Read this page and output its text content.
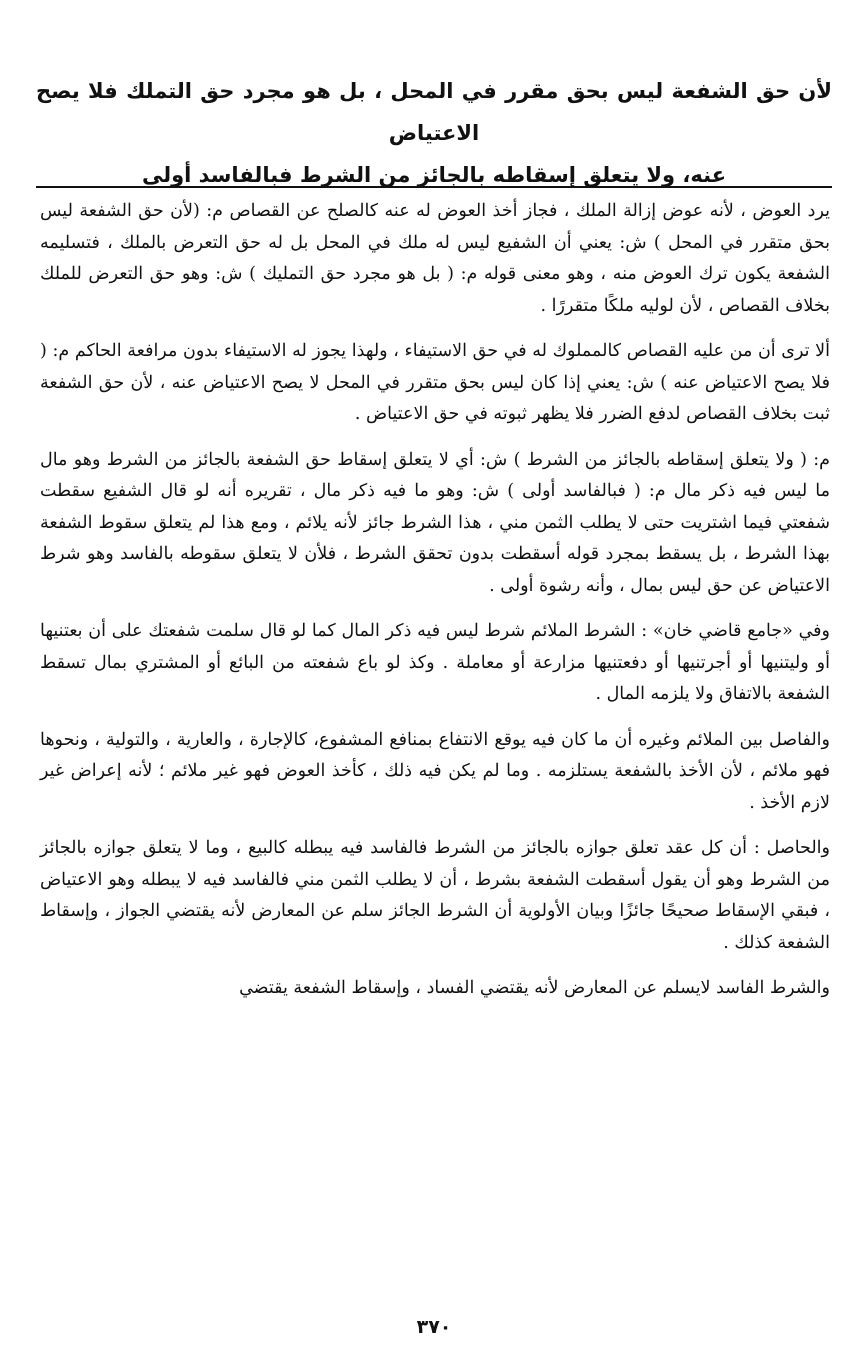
لأن حق الشفعة ليس بحق مقرر في المحل ، بل هو مجرد حق التملك فلا يصح الاعتياض
عنه، ولا يتعلق إسقاطه بالجائز من الشرط فبالفاسد أولى

يرد العوض ، لأنه عوض إزالة الملك ، فجاز أخذ العوض له عنه كالصلح عن القصاص م: (لأن حق الشفعة ليس بحق متقرر في المحل ) ش: يعني أن الشفيع ليس له ملك في المحل بل له حق التعرض بالملك ، فتسليمه الشفعة يكون ترك العوض منه ، وهو معنى قوله م: ( بل هو مجرد حق التمليك ) ش: وهو حق التعرض للملك بخلاف القصاص ، لأن لوليه ملكًا متقررًا .

ألا ترى أن من عليه القصاص كالمملوك له في حق الاستيفاء ، ولهذا يجوز له الاستيفاء بدون مرافعة الحاكم م: ( فلا يصح الاعتياض عنه ) ش: يعني إذا كان ليس بحق متقرر في المحل لا يصح الاعتياض عنه ، لأن حق الشفعة ثبت بخلاف القصاص لدفع الضرر فلا يظهر ثبوته في حق الاعتياض .

م: ( ولا يتعلق إسقاطه بالجائز من الشرط ) ش: أي لا يتعلق إسقاط حق الشفعة بالجائز من الشرط وهو مال ما ليس فيه ذكر مال م: ( فبالفاسد أولى ) ش: وهو ما فيه ذكر مال ، تقريره أنه لو قال الشفيع سقطت شفعتي فيما اشتريت حتى لا يطلب الثمن مني ، هذا الشرط جائز لأنه يلائم ، ومع هذا لم يتعلق سقوط الشفعة بهذا الشرط ، بل يسقط بمجرد قوله أسقطت بدون تحقق الشرط ، فلأن لا يتعلق سقوطه بالفاسد وهو شرط الاعتياض عن حق ليس بمال ، وأنه رشوة أولى .

وفي «جامع قاضي خان» : الشرط الملائم شرط ليس فيه ذكر المال كما لو قال سلمت شفعتك على أن بعتنيها أو وليتنيها أو أجرتنيها أو دفعتنيها مزارعة أو معاملة . وكذ لو باع شفعته من البائع أو المشتري بمال تسقط الشفعة بالاتفاق ولا يلزمه المال .

والفاصل بين الملائم وغيره أن ما كان فيه يوقع الانتفاع بمنافع المشفوع، كالإجارة ، والعارية ، والتولية ، ونحوها فهو ملائم ، لأن الأخذ بالشفعة يستلزمه . وما لم يكن فيه ذلك ، كأخذ العوض فهو غير ملائم ؛ لأنه إعراض غير لازم الأخذ .

والحاصل : أن كل عقد تعلق جوازه بالجائز من الشرط فالفاسد فيه يبطله كالبيع ، وما لا يتعلق جوازه بالجائز من الشرط وهو أن يقول أسقطت الشفعة بشرط ، أن لا يطلب الثمن مني فالفاسد فيه لا يبطله وهو الاعتياض ، فبقي الإسقاط صحيحًا جائزًا وبيان الأولوية أن الشرط الجائز سلم عن المعارض لأنه يقتضي الجواز ، وإسقاط الشفعة كذلك .

والشرط الفاسد لايسلم عن المعارض لأنه يقتضي الفساد ، وإسقاط الشفعة يقتضي

٣٧٠
